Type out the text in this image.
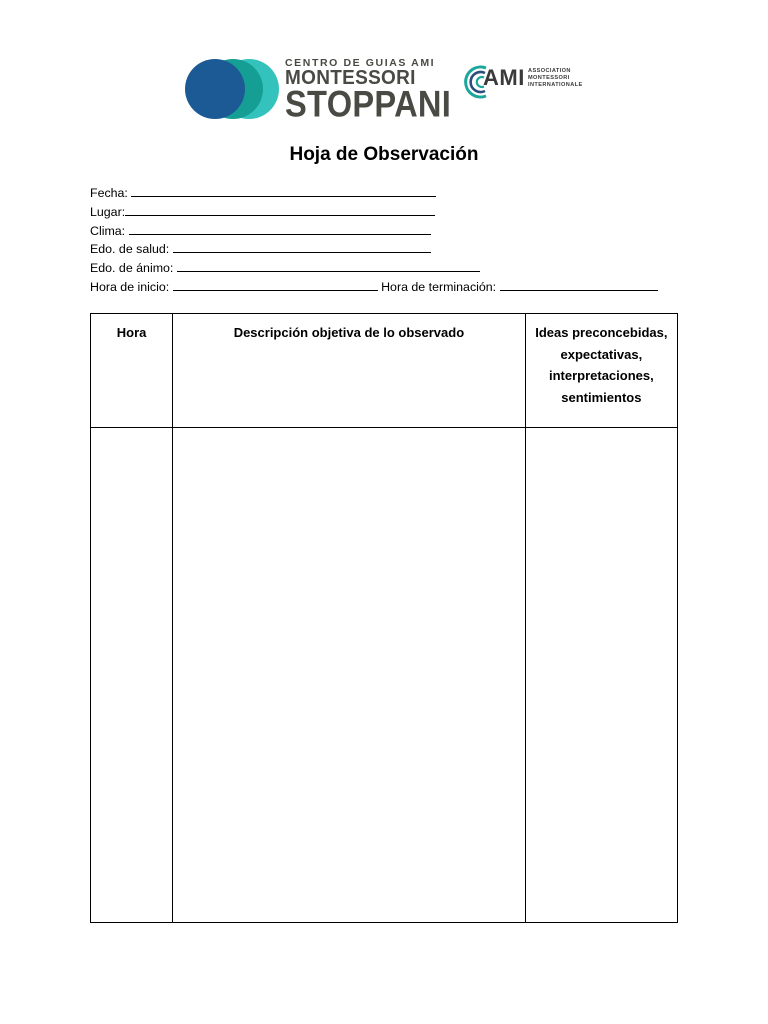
CENTRO DE GUIAS AMI
MONTESSORI
STOPPANI
AMI ASSOCIATION
MONTESSORI
INTERNATIONALE
Hoja de Observación
Fecha:
Lugar:
Clima:
Edo. de salud:
Edo. de ánimo:
Hora de inicio:	Hora de terminación:
Hora	Descripción objetiva de lo observado	Ideas preconcebidas,
expectativas,
interpretaciones,
sentimientos
